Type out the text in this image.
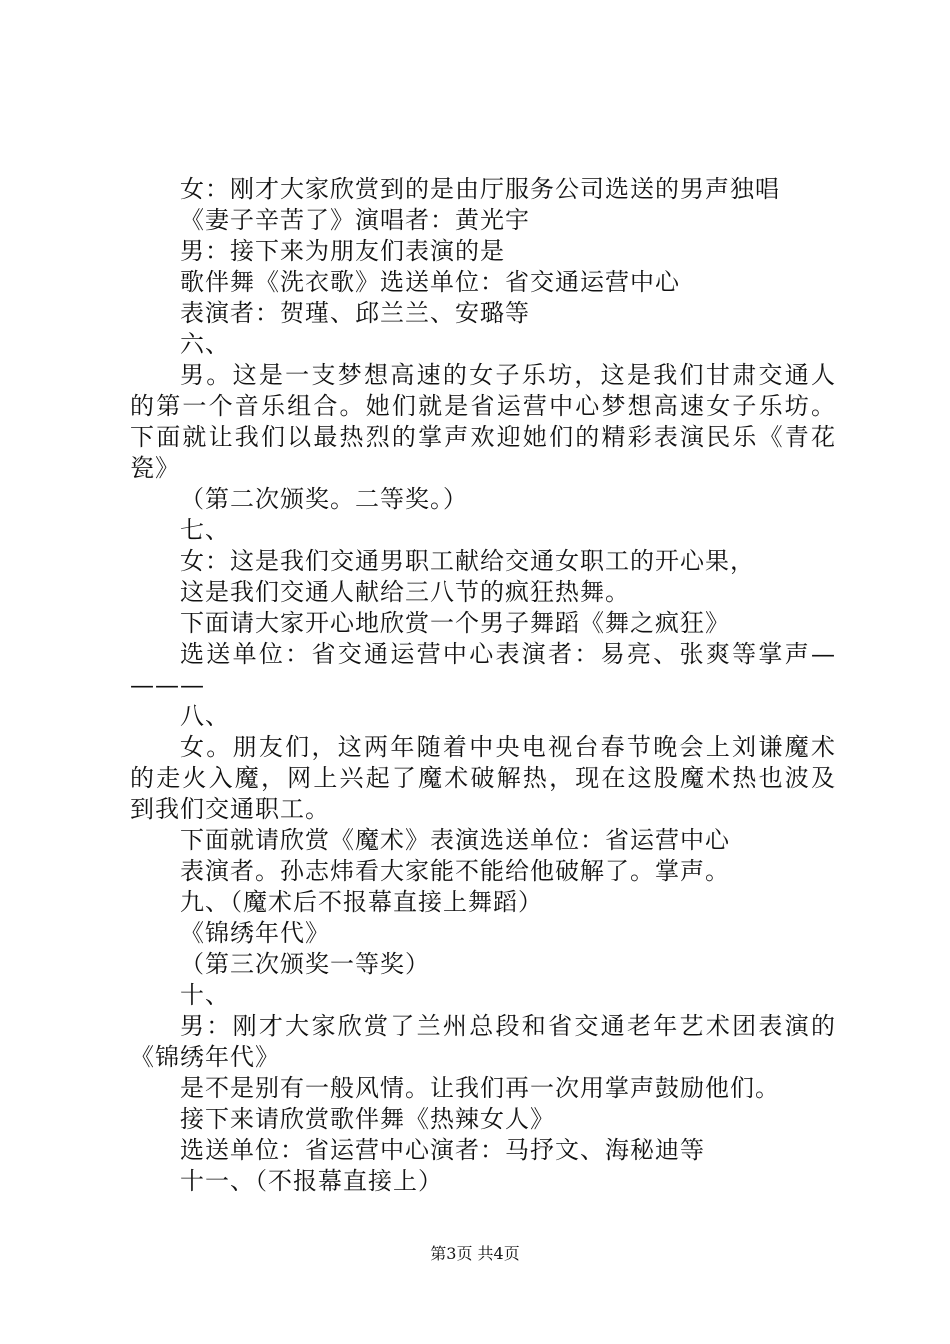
女：刚才大家欣赏到的是由厅服务公司选送的男声独唱
《妻子辛苦了》演唱者：黄光宇
男：接下来为朋友们表演的是
歌伴舞《洗衣歌》选送单位：省交通运营中心
表演者：贺瑾、邱兰兰、安璐等
六、
男。这是一支梦想高速的女子乐坊，这是我们甘肃交通人
的第一个音乐组合。她们就是省运营中心梦想高速女子乐坊。
下面就让我们以最热烈的掌声欢迎她们的精彩表演民乐《青花
瓷》
（第二次颁奖。二等奖。）
七、
女：这是我们交通男职工献给交通女职工的开心果，
这是我们交通人献给三八节的疯狂热舞。
下面请大家开心地欣赏一个男子舞蹈《舞之疯狂》
选送单位：省交通运营中心表演者：易亮、张爽等掌声—
———
八、
女。朋友们，这两年随着中央电视台春节晚会上刘谦魔术
的走火入魔，网上兴起了魔术破解热，现在这股魔术热也波及
到我们交通职工。
下面就请欣赏《魔术》表演选送单位：省运营中心
表演者。孙志炜看大家能不能给他破解了。掌声。
九、（魔术后不报幕直接上舞蹈）
《锦绣年代》
（第三次颁奖一等奖）
十、
男：刚才大家欣赏了兰州总段和省交通老年艺术团表演的
《锦绣年代》
是不是别有一般风情。让我们再一次用掌声鼓励他们。
接下来请欣赏歌伴舞《热辣女人》
选送单位：省运营中心演者：马抒文、海秘迪等
十一、（不报幕直接上）
第3页 共4页
